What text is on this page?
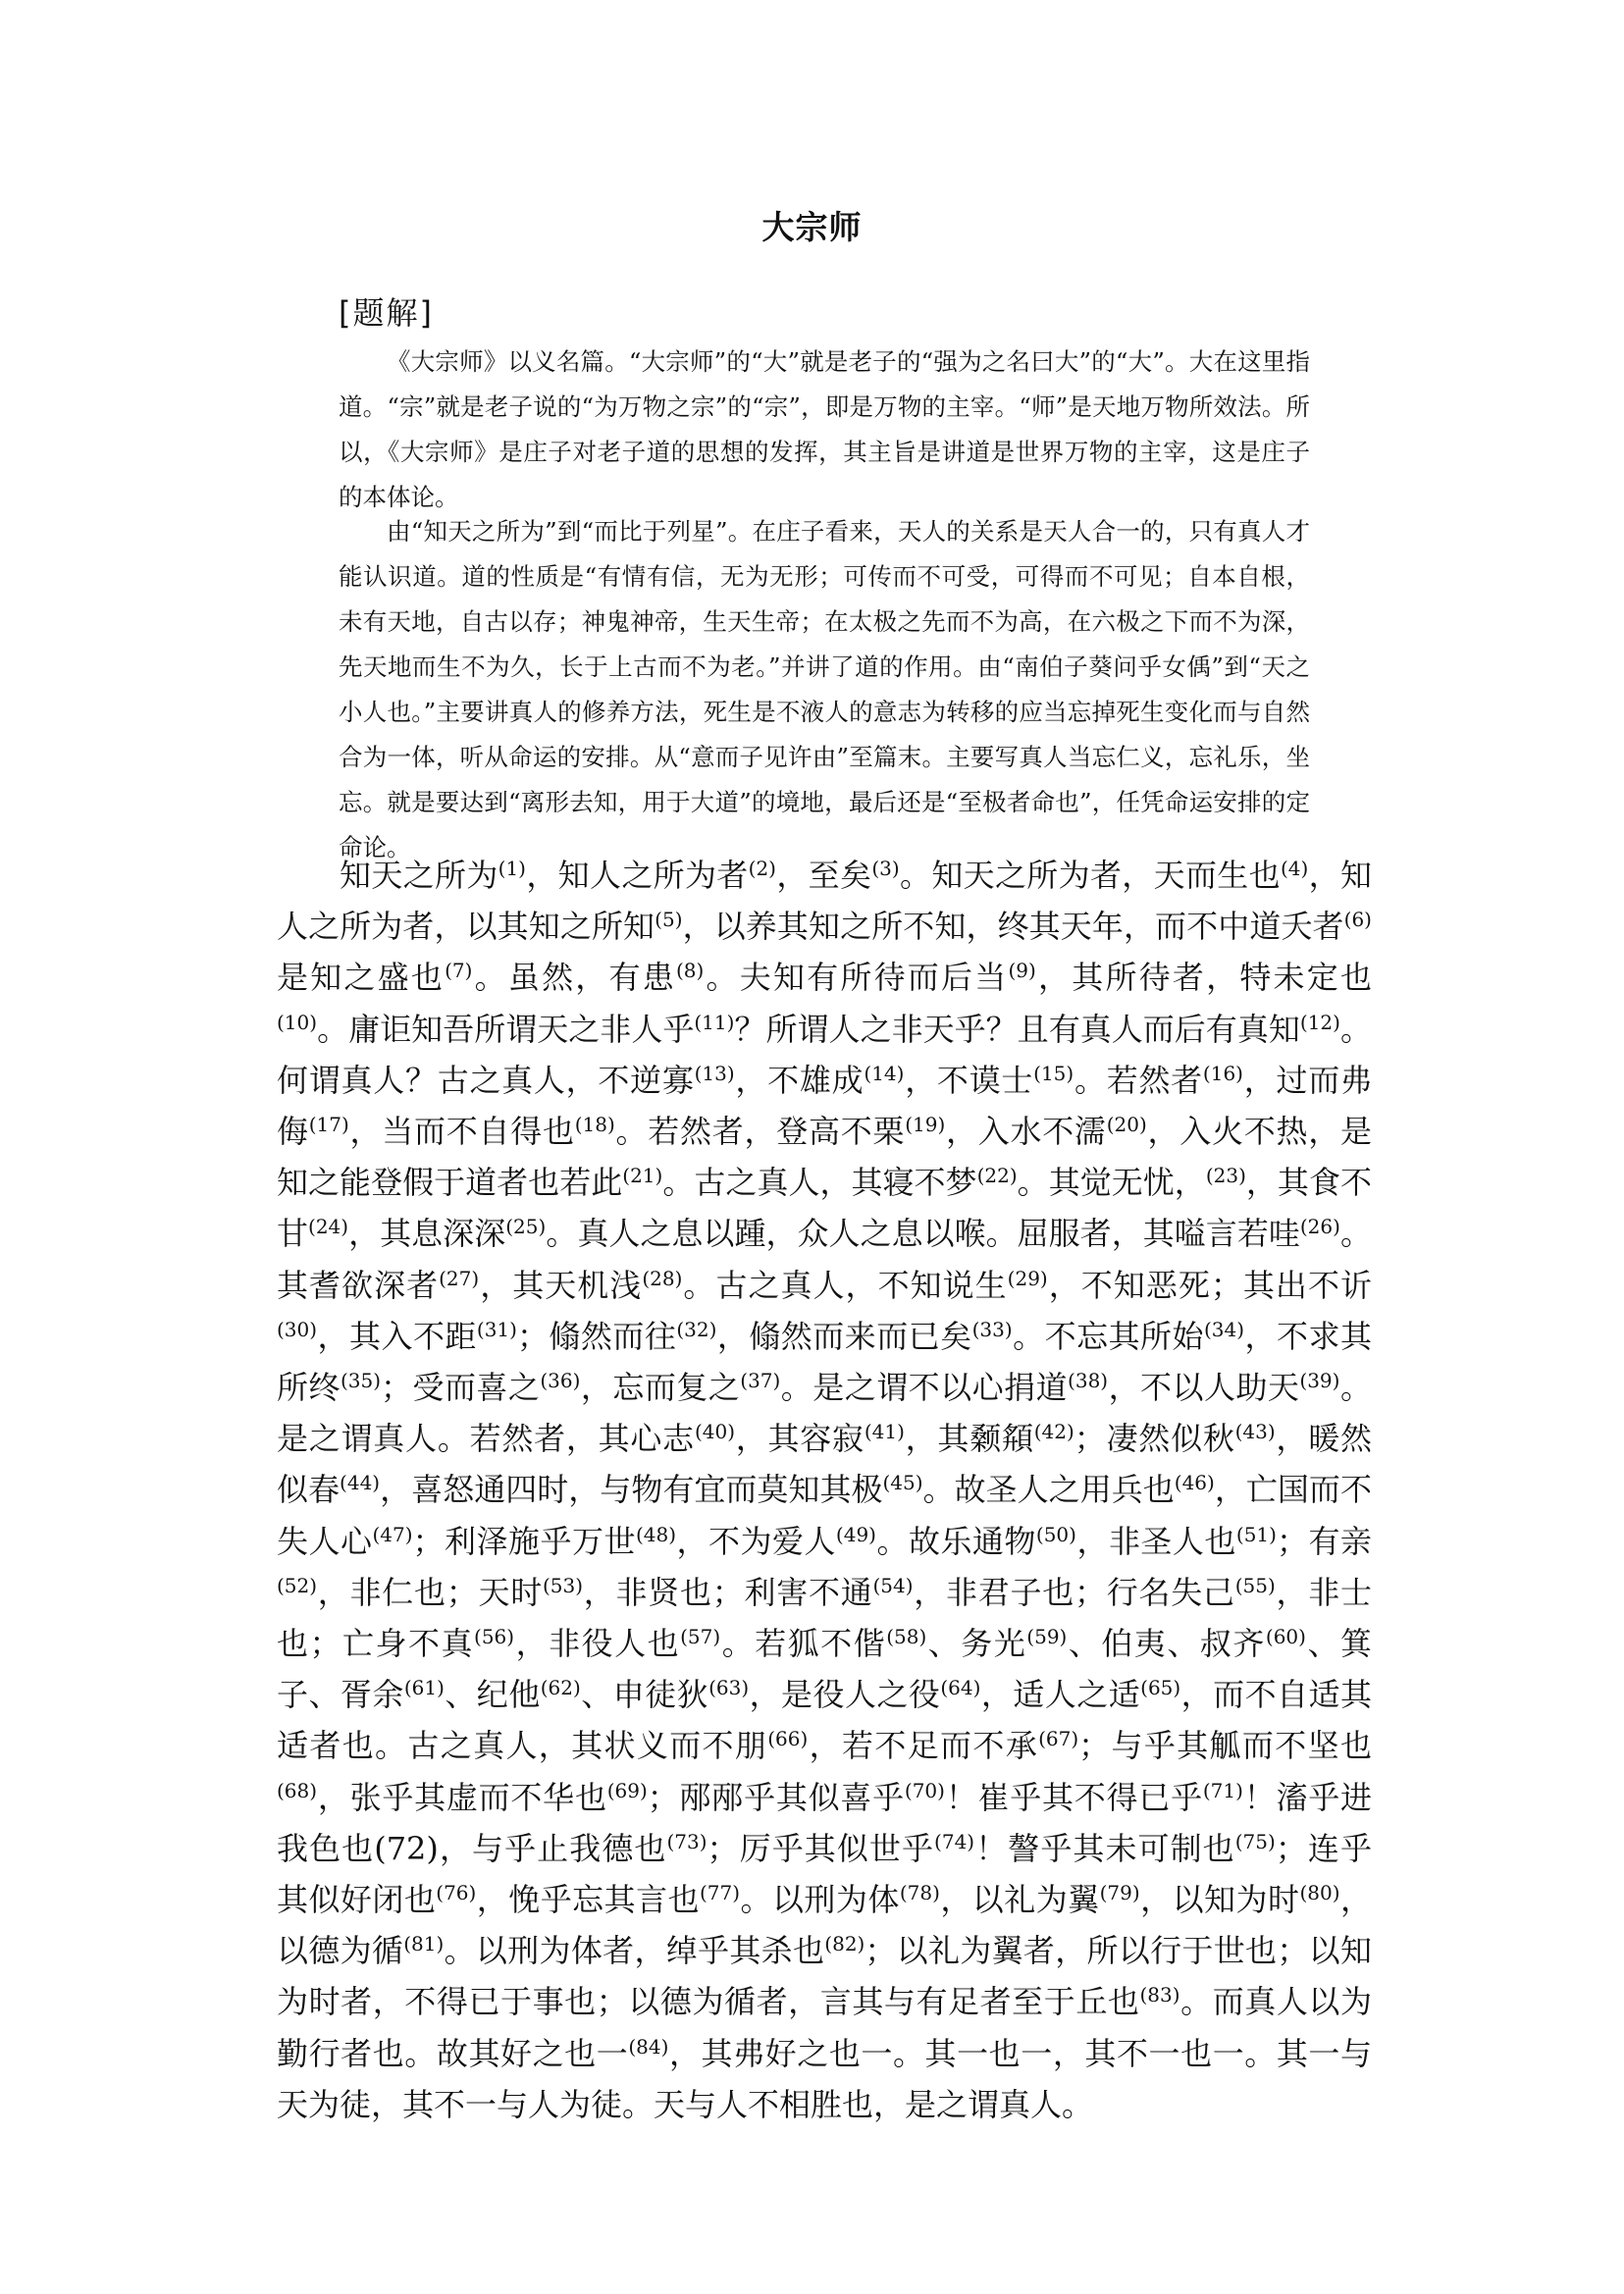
大宗师
[题解]

《大宗师》以义名篇。“大宗师”的“大”就是老子的“强为之名曰大”的“大”。大在这里指道。“宗”就是老子说的“为万物之宗”的“宗”，即是万物的主宰。“师”是天地万物所效法。所以，《大宗师》是庄子对老子道的思想的发挥，其主旨是讲道是世界万物的主宰，这是庄子的本体论。

由“知天之所为”到“而比于列星”。在庄子看来，天人的关系是天人合一的，只有真人才能认识道。道的性质是“有情有信，无为无形；可传而不可受，可得而不可见；自本自根，未有天地，自古以存；神鬼神帝，生天生帝；在太极之先而不为高，在六极之下而不为深，先天地而生不为久，长于上古而不为老。”并讲了道的作用。由“南伯子葵问乎女偊”到“天之小人也。”主要讲真人的修养方法，死生是不液人的意志为转移的应当忘掉死生变化而与自然合为一体，听从命运的安排。从“意而子见许由”至篇末。主要写真人当忘仁义，忘礼乐，坐忘。就是要达到“离形去知，用于大道”的境地，最后还是“至极者命也”，任凭命运安排的定命论。

知天之所为$^{(1)}$，知人之所为者$^{(2)}$，至矣$^{(3)}$。知天之所为者，天而生也$^{(4)}$，知人之所为者，以其知之所知$^{(5)}$，以养其知之所不知，终其天年，而不中道夭者$^{(6)}$是知之盛也$^{(7)}$。虽然，有患$^{(8)}$。夫知有所待而后当$^{(9)}$，其所待者，特未定也$^{(10)}$。庸讵知吾所谓天之非人乎$^{(11)}$？所谓人之非天乎？且有真人而后有真知$^{(12)}$。何谓真人？古之真人，不逆寡$^{(13)}$，不雄成$^{(14)}$，不谟士$^{(15)}$。若然者$^{(16)}$，过而弗侮$^{(17)}$，当而不自得也$^{(18)}$。若然者，登高不栗$^{(19)}$，入水不濡$^{(20)}$，入火不热，是知之能登假于道者也若此$^{(21)}$。古之真人，其寝不梦$^{(22)}$。其觉无忧，$^{(23)}$，其食不甘$^{(24)}$，其息深深$^{(25)}$。真人之息以踵，众人之息以喉。屈服者，其嗌言若哇$^{(26)}$。其耆欲深者$^{(27)}$，其天机浅$^{(28)}$。古之真人，不知说生$^{(29)}$，不知恶死；其出不䜣$^{(30)}$，其入不距$^{(31)}$；翛然而往$^{(32)}$，翛然而来而已矣$^{(33)}$。不忘其所始$^{(34)}$，不求其所终$^{(35)}$；受而喜之$^{(36)}$，忘而复之$^{(37)}$。是之谓不以心捐道$^{(38)}$，不以人助天$^{(39)}$。是之谓真人。若然者，其心志$^{(40)}$，其容寂$^{(41)}$，其颡頯$^{(42)}$；凄然似秋$^{(43)}$，暖然似春$^{(44)}$，喜怒通四时，与物有宜而莫知其极$^{(45)}$。故圣人之用兵也$^{(46)}$，亡国而不失人心$^{(47)}$；利泽施乎万世$^{(48)}$，不为爱人$^{(49)}$。故乐通物$^{(50)}$，非圣人也$^{(51)}$；有亲$^{(52)}$，非仁也；天时$^{(53)}$，非贤也；利害不通$^{(54)}$，非君子也；行名失己$^{(55)}$，非士也；亡身不真$^{(56)}$，非役人也$^{(57)}$。若狐不偕$^{(58)}$、务光$^{(59)}$、伯夷、叔齐$^{(60)}$、箕子、胥余$^{(61)}$、纪他$^{(62)}$、申徒狄$^{(63)}$，是役人之役$^{(64)}$，适人之适$^{(65)}$，而不自适其适者也。古之真人，其状义而不朋$^{(66)}$，若不足而不承$^{(67)}$；与乎其觚而不坚也$^{(68)}$，张乎其虚而不华也$^{(69)}$；邴邴乎其似喜乎$^{(70)}$！崔乎其不得已乎$^{(71)}$！滀乎进我色也(72)，与乎止我德也$^{(73)}$；厉乎其似世乎$^{(74)}$！謷乎其未可制也$^{(75)}$；连乎其似好闭也$^{(76)}$，悗乎忘其言也$^{(77)}$。以刑为体$^{(78)}$，以礼为翼$^{(79)}$，以知为时$^{(80)}$，以德为循$^{(81)}$。以刑为体者，绰乎其杀也$^{(82)}$；以礼为翼者，所以行于世也；以知为时者，不得已于事也；以德为循者，言其与有足者至于丘也$^{(83)}$。而真人以为勤行者也。故其好之也一$^{(84)}$，其弗好之也一。其一也一，其不一也一。其一与天为徒，其不一与人为徒。天与人不相胜也，是之谓真人。
